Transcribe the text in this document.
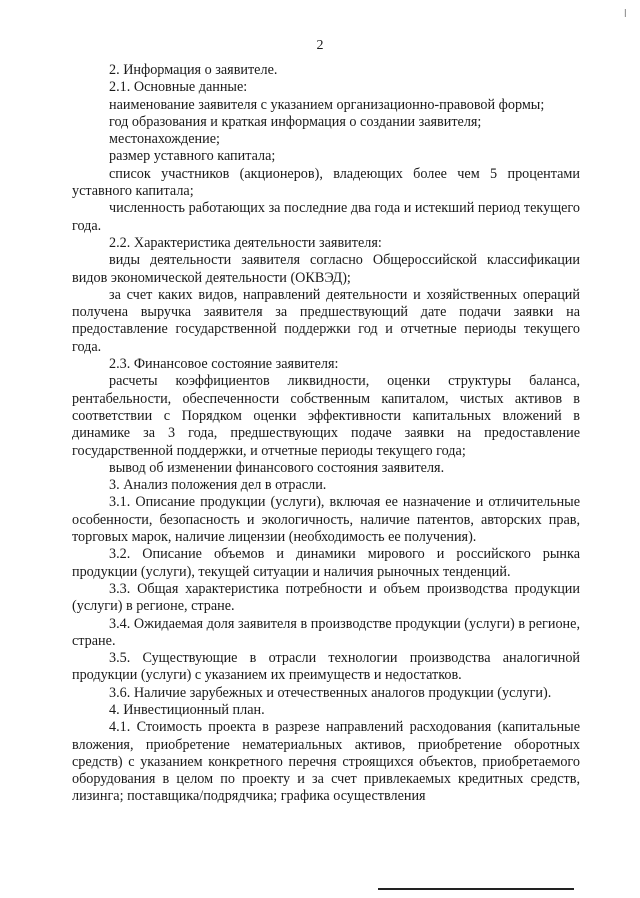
ǀ
2

2. Информация о заявителе.

2.1. Основные данные:

наименование заявителя с указанием организационно-правовой формы;

год образования и краткая информация о создании заявителя;

местонахождение;

размер уставного капитала;

список участников (акционеров), владеющих более чем 5 процентами уставного капитала;

численность работающих за последние два года и истекший период текущего года.

2.2. Характеристика деятельности заявителя:

виды деятельности заявителя согласно Общероссийской классификации видов экономической деятельности (ОКВЭД);

за счет каких видов, направлений деятельности и хозяйственных операций получена выручка заявителя за предшествующий дате подачи заявки на предоставление государственной поддержки год и отчетные периоды текущего года.

2.3. Финансовое состояние заявителя:

расчеты коэффициентов ликвидности, оценки структуры баланса, рентабельности, обеспеченности собственным капиталом, чистых активов в соответствии с Порядком оценки эффективности капитальных вложений в динамике за 3 года, предшествующих подаче заявки на предоставление государственной поддержки, и отчетные периоды текущего года;

вывод об изменении финансового состояния заявителя.

3. Анализ положения дел в отрасли.

3.1. Описание продукции (услуги), включая ее назначение и отличительные особенности, безопасность и экологичность, наличие патентов, авторских прав, торговых марок, наличие лицензии (необходимость ее получения).

3.2. Описание объемов и динамики мирового и российского рынка продукции (услуги), текущей ситуации и наличия рыночных тенденций.

3.3. Общая характеристика потребности и объем производства продукции (услуги) в регионе, стране.

3.4. Ожидаемая доля заявителя в производстве продукции (услуги) в регионе, стране.

3.5. Существующие в отрасли технологии производства аналогичной продукции (услуги) с указанием их преимуществ и недостатков.

3.6. Наличие зарубежных и отечественных аналогов продукции (услуги).

4. Инвестиционный план.

4.1. Стоимость проекта в разрезе направлений расходования (капитальные вложения, приобретение нематериальных активов, приобретение оборотных средств) с указанием конкретного перечня строящихся объектов, приобретаемого оборудования в целом по проекту и за счет привлекаемых кредитных средств, лизинга; поставщика/подрядчика; графика осуществления
